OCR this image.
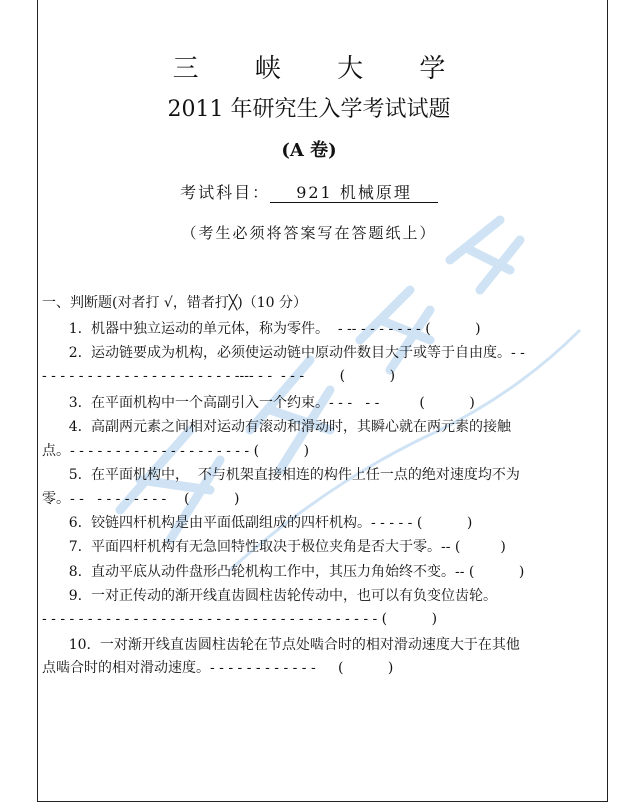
三 峡 大 学
2011 年研究生入学考试试题
(A 卷)
考试科目： 921 机械原理
（考生必须将答案写在答题纸上）
一、判断题(对者打 √，错者打╳)（10 分）
1.  机器中独立运动的单元体，称为零件。  - -- - - - - - - - (          )
2.  运动链要成为机构，必须使运动链中原动件数目大于或等于自由度。- -
- - - - - - - - - - - - - - - - - - - - - ---- - -  - - -        (          )
3.  在平面机构中一个高副引入一个约束。- - -   - -         (          )
4.  高副两元素之间相对运动有滚动和滑动时，其瞬心就在两元素的接触
点。- - - - - - - - - - - - - - - - - - - - (          )
5.  在平面机构中，  不与机架直接相连的构件上任一点的绝对速度均不为
零。- -   - - - - - - - -    (          )
6.  铰链四杆机构是由平面低副组成的四杆机构。- - - - - (          )
7.  平面四杆机构有无急回特性取决于极位夹角是否大于零。-- (         )
8.  直动平底从动件盘形凸轮机构工作中，其压力角始终不变。-- (          )
9.  一对正传动的渐开线直齿圆柱齿轮传动中，也可以有负变位齿轮。
- - - - - - - - - - - - - - - - - - - - - - - - - - - - - - - - - - - - - (          )
10.  一对渐开线直齿圆柱齿轮在节点处啮合时的相对滑动速度大于在其他
点啮合时的相对滑动速度。- - - - - - - - - - - -     (          )
